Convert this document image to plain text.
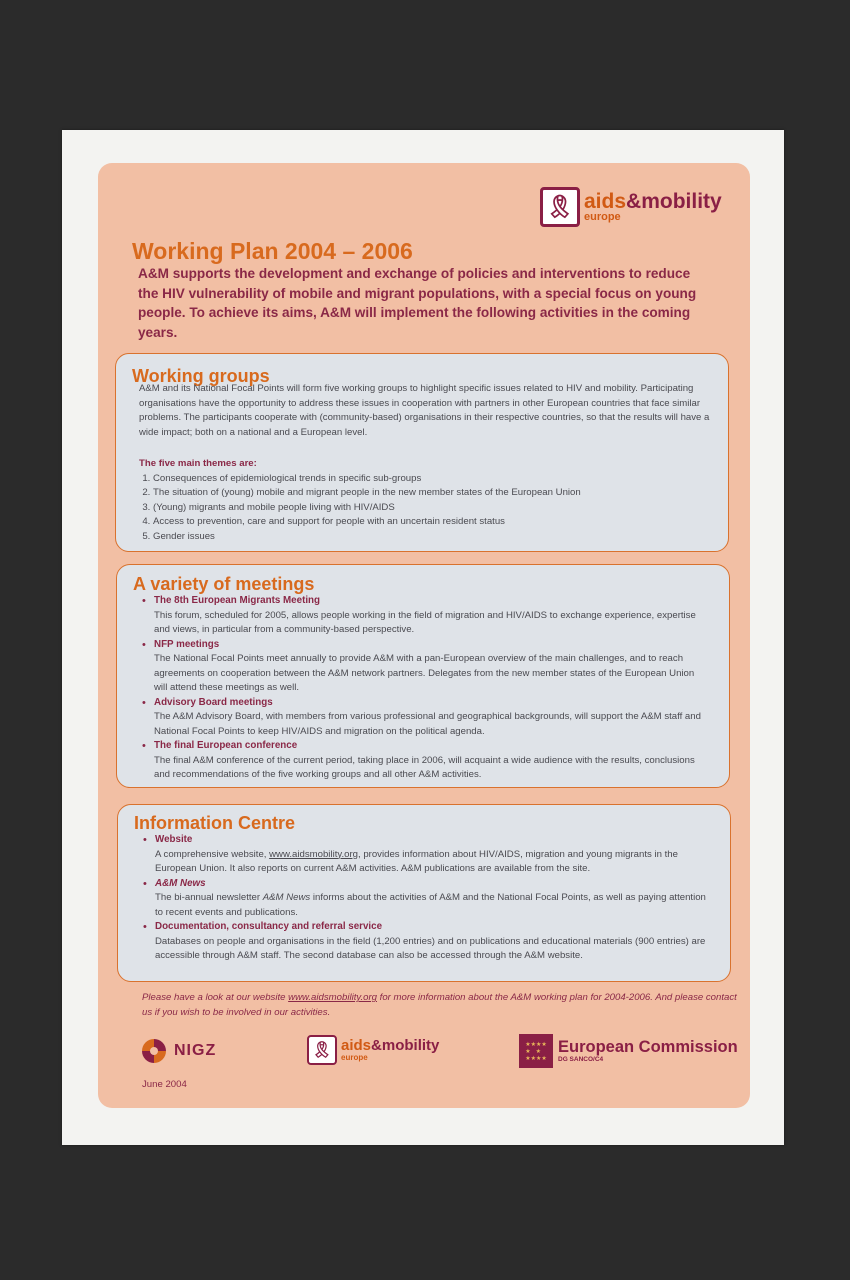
🎗︎ aids&mobility
europe
Working Plan 2004 – 2006

A&M supports the development and exchange of policies and interventions to reduce the HIV vulnerability of mobile and migrant populations, with a special focus on young people. To achieve its aims, A&M will implement the following activities in the coming years.

Working groups

A&M and its National Focal Points will form five working groups to highlight specific issues related to HIV and mobility. Participating organisations have the opportunity to address these issues in cooperation with partners in other European countries that face similar problems. The participants cooperate with (community-based) organisations in their respective countries, so that the results will have a wide impact; both on a national and a European level.

The five main themes are:
1. Consequences of epidemiological trends in specific sub-groups
2. The situation of (young) mobile and migrant people in the new member states of the European Union
3. (Young) migrants and mobile people living with HIV/AIDS
4. Access to prevention, care and support for people with an uncertain resident status
5. Gender issues
A variety of meetings
• The 8th European Migrants Meeting
This forum, scheduled for 2005, allows people working in the field of migration and HIV/AIDS to exchange experience, expertise and views, in particular from a community-based perspective.
• NFP meetings
The National Focal Points meet annually to provide A&M with a pan-European overview of the main challenges, and to reach agreements on cooperation between the A&M network partners. Delegates from the new member states of the European Union will attend these meetings as well.
• Advisory Board meetings
The A&M Advisory Board, with members from various professional and geographical backgrounds, will support the A&M staff and National Focal Points to keep HIV/AIDS and migration on the political agenda.
• The final European conference
The final A&M conference of the current period, taking place in 2006, will acquaint a wide audience with the results, conclusions and recommendations of the five working groups and all other A&M activities.
Information Centre
• Website
A comprehensive website, www.aidsmobility.org, provides information about HIV/AIDS, migration and young migrants in the European Union. It also reports on current A&M activities. A&M publications are available from the site.
• A&M News
The bi-annual newsletter A&M News informs about the activities of A&M and the National Focal Points, as well as paying attention to recent events and publications.
• Documentation, consultancy and referral service
Databases on people and organisations in the field (1,200 entries) and on publications and educational materials (900 entries) are accessible through A&M staff. The second database can also be accessed through the A&M website.

Please have a look at our website www.aidsmobility.org for more information about the A&M working plan for 2004-2006. And please contact us if you wish to be involved in our activities.

NIGZ	🎗︎ aids&mobility
europe
★★★★
★   ★
★★★★
European Commission
DG SANCO/C4
June 2004
